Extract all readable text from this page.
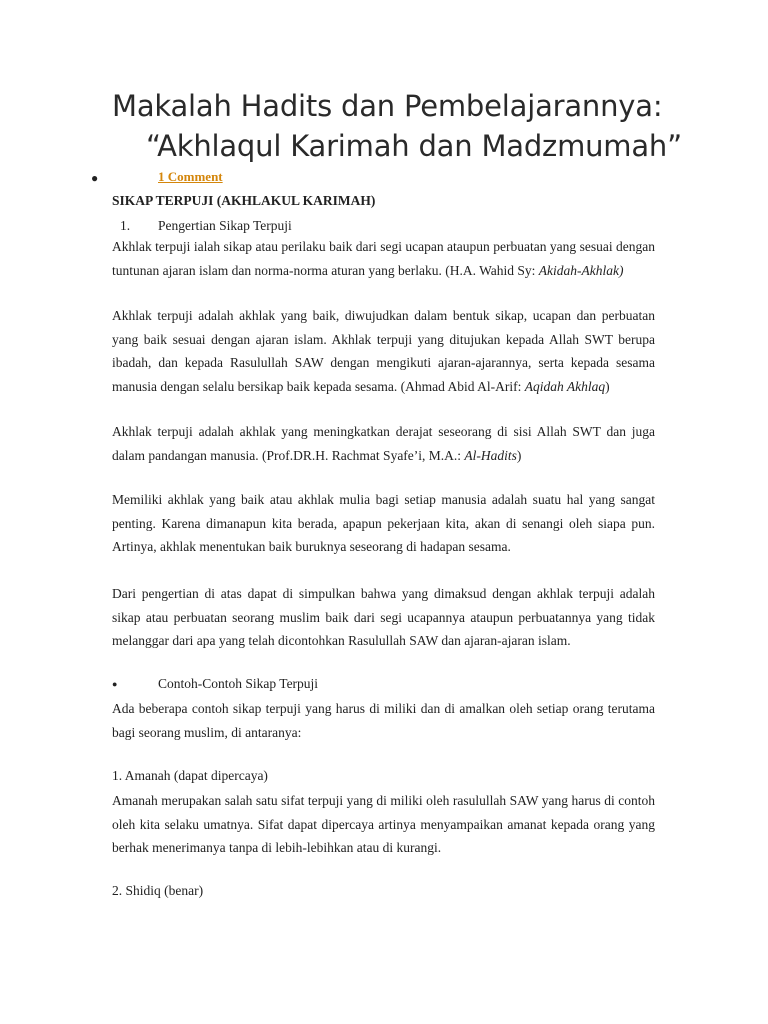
Makalah Hadits dan Pembelajarannya:
“Akhlaqul Karimah dan Madzmumah”
●	1 Comment
SIKAP TERPUJI (AKHLAKUL KARIMAH)
1. Pengertian Sikap Terpuji

Akhlak terpuji ialah sikap atau perilaku baik dari segi ucapan ataupun perbuatan yang sesuai dengan tuntunan ajaran islam dan norma-norma aturan yang berlaku. (H.A. Wahid Sy: Akidah-Akhlak)

Akhlak terpuji adalah akhlak yang baik, diwujudkan dalam bentuk sikap, ucapan dan perbuatan yang baik sesuai dengan ajaran islam. Akhlak terpuji yang ditujukan kepada Allah SWT berupa ibadah, dan kepada Rasulullah SAW dengan mengikuti ajaran-ajarannya, serta kepada sesama manusia dengan selalu bersikap baik kepada sesama. (Ahmad Abid Al-Arif: Aqidah Akhlaq)

Akhlak terpuji adalah akhlak yang meningkatkan derajat seseorang di sisi Allah SWT dan juga dalam pandangan manusia. (Prof.DR.H. Rachmat Syafe’i, M.A.: Al-Hadits)

Memiliki akhlak yang baik atau akhlak mulia bagi setiap manusia adalah suatu hal yang sangat penting. Karena dimanapun kita berada, apapun pekerjaan kita, akan di senangi oleh siapa pun. Artinya, akhlak menentukan baik buruknya seseorang di hadapan sesama.

Dari pengertian di atas dapat di simpulkan bahwa yang dimaksud dengan akhlak terpuji adalah sikap atau perbuatan seorang muslim baik dari segi ucapannya ataupun perbuatannya yang tidak melanggar dari apa yang telah dicontohkan Rasulullah SAW dan ajaran-ajaran islam.

●	Contoh-Contoh Sikap Terpuji

Ada beberapa contoh sikap terpuji yang harus di miliki dan di amalkan oleh setiap orang terutama bagi seorang muslim, di antaranya:

1. Amanah (dapat dipercaya)

Amanah merupakan salah satu sifat terpuji yang di miliki oleh rasulullah SAW yang harus di contoh oleh kita selaku umatnya. Sifat dapat dipercaya artinya menyampaikan amanat kepada orang yang berhak menerimanya tanpa di lebih-lebihkan atau di kurangi.

2. Shidiq (benar)
